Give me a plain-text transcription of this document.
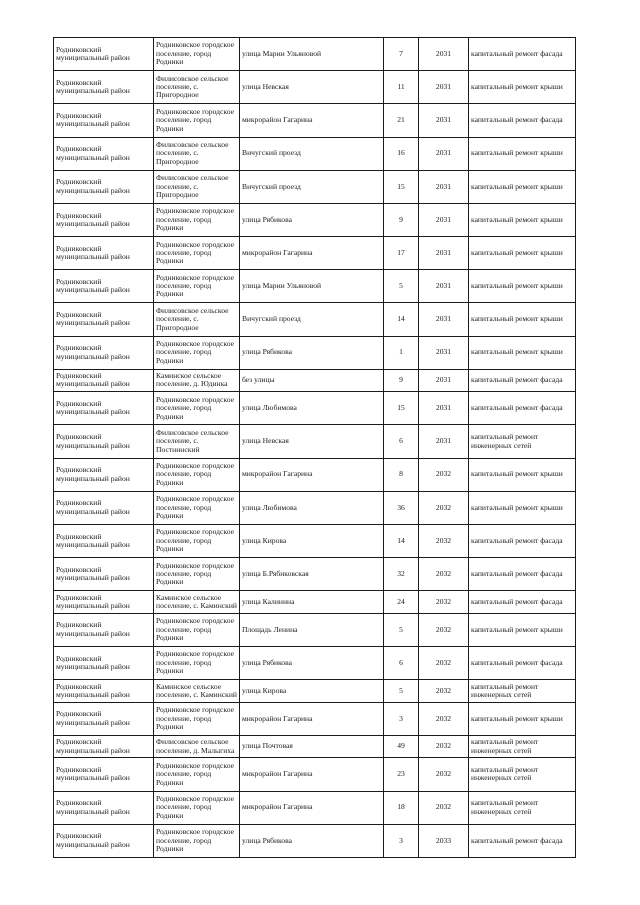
Родниковский муниципальный район	Родниковское городское поселение, город Родники	улица Марии Ульяновой	7	2031	капитальный ремонт фасада
Родниковский муниципальный район	Филисовское сельское поселение, с. Пригородное	улица Невская	11	2031	капитальный ремонт крыши
Родниковский муниципальный район	Родниковское городское поселение, город Родники	микрорайон Гагарина	21	2031	капитальный ремонт фасада
Родниковский муниципальный район	Филисовское сельское поселение, с. Пригородное	Вичугский проезд	16	2031	капитальный ремонт крыши
Родниковский муниципальный район	Филисовское сельское поселение, с. Пригородное	Вичугский проезд	15	2031	капитальный ремонт крыши
Родниковский муниципальный район	Родниковское городское поселение, город Родники	улица Рябикова	9	2031	капитальный ремонт крыши
Родниковский муниципальный район	Родниковское городское поселение, город Родники	микрорайон Гагарина	17	2031	капитальный ремонт крыши
Родниковский муниципальный район	Родниковское городское поселение, город Родники	улица Марии Ульяновой	5	2031	капитальный ремонт крыши
Родниковский муниципальный район	Филисовское сельское поселение, с. Пригородное	Вичугский проезд	14	2031	капитальный ремонт крыши
Родниковский муниципальный район	Родниковское городское поселение, город Родники	улица Рябикова	1	2031	капитальный ремонт крыши
Родниковский муниципальный район	Каминское сельское поселение, д. Юдинка	без улицы	9	2031	капитальный ремонт фасада
Родниковский муниципальный район	Родниковское городское поселение, город Родники	улица Любимова	15	2031	капитальный ремонт фасада
Родниковский муниципальный район	Филисовское сельское поселение, с. Постнинский	улица Невская	6	2031	капитальный ремонт инженерных сетей
Родниковский муниципальный район	Родниковское городское поселение, город Родники	микрорайон Гагарина	8	2032	капитальный ремонт крыши
Родниковский муниципальный район	Родниковское городское поселение, город Родники	улица Любимова	36	2032	капитальный ремонт крыши
Родниковский муниципальный район	Родниковское городское поселение, город Родники	улица Кирова	14	2032	капитальный ремонт фасада
Родниковский муниципальный район	Родниковское городское поселение, город Родники	улица Б.Рябиковская	32	2032	капитальный ремонт фасада
Родниковский муниципальный район	Каминское сельское поселение, с. Каминский	улица Калинина	24	2032	капитальный ремонт фасада
Родниковский муниципальный район	Родниковское городское поселение, город Родники	Площадь Ленина	5	2032	капитальный ремонт крыши
Родниковский муниципальный район	Родниковское городское поселение, город Родники	улица Рябикова	6	2032	капитальный ремонт фасада
Родниковский муниципальный район	Каминское сельское поселение, с. Каминский	улица Кирова	5	2032	капитальный ремонт инженерных сетей
Родниковский муниципальный район	Родниковское городское поселение, город Родники	микрорайон Гагарина	3	2032	капитальный ремонт крыши
Родниковский муниципальный район	Филисовское сельское поселение, д. Малыгиха	улица Почтовая	49	2032	капитальный ремонт инженерных сетей
Родниковский муниципальный район	Родниковское городское поселение, город Родники	микрорайон Гагарина	23	2032	капитальный ремонт инженерных сетей
Родниковский муниципальный район	Родниковское городское поселение, город Родники	микрорайон Гагарина	18	2032	капитальный ремонт инженерных сетей
Родниковский муниципальный район	Родниковское городское поселение, город Родники	улица Рябикова	3	2033	капитальный ремонт фасада
